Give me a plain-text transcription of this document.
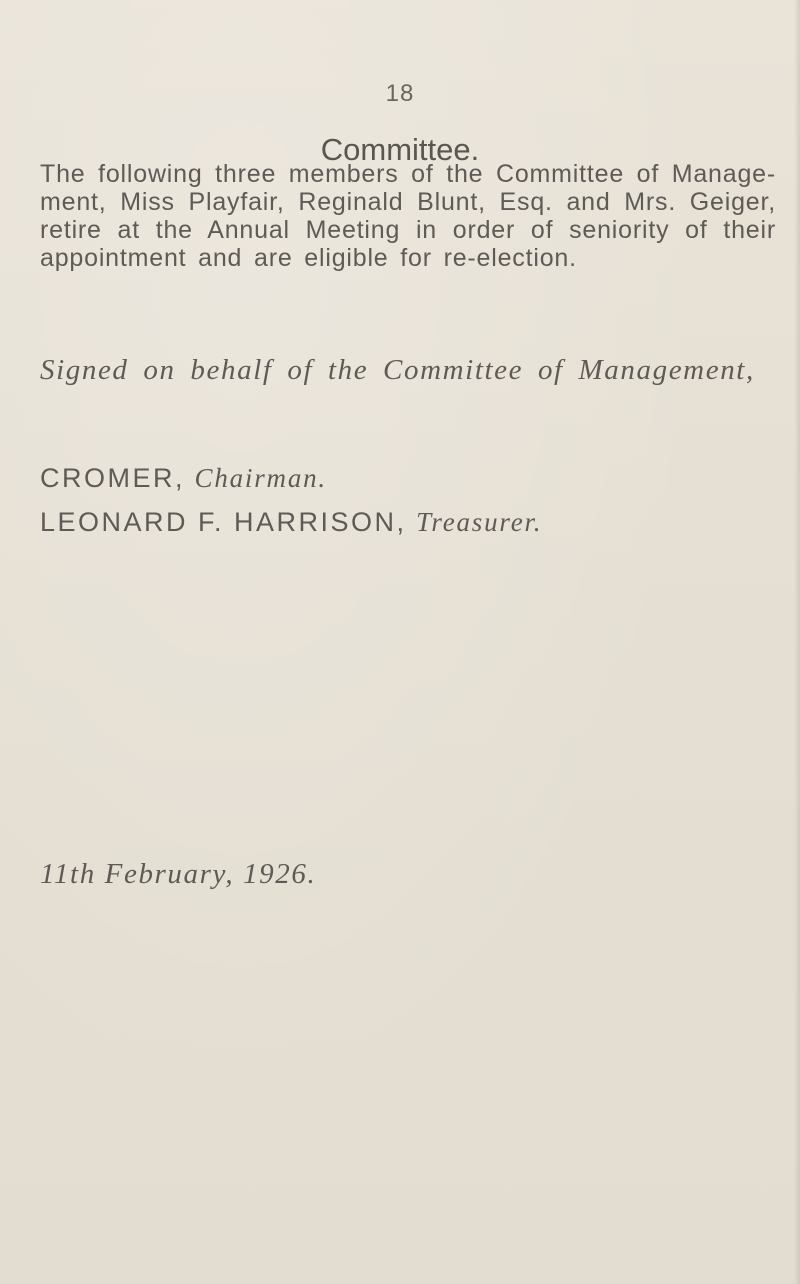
18
Committee.
The following three members of the Committee of Manage-ment, Miss Playfair, Reginald Blunt, Esq. and Mrs. Geiger, retire at the Annual Meeting in order of seniority of their appointment and are eligible for re-election.
Signed on behalf of the Committee of Management,
CROMER, Chairman.
LEONARD F. HARRISON, Treasurer.
11th February, 1926.
